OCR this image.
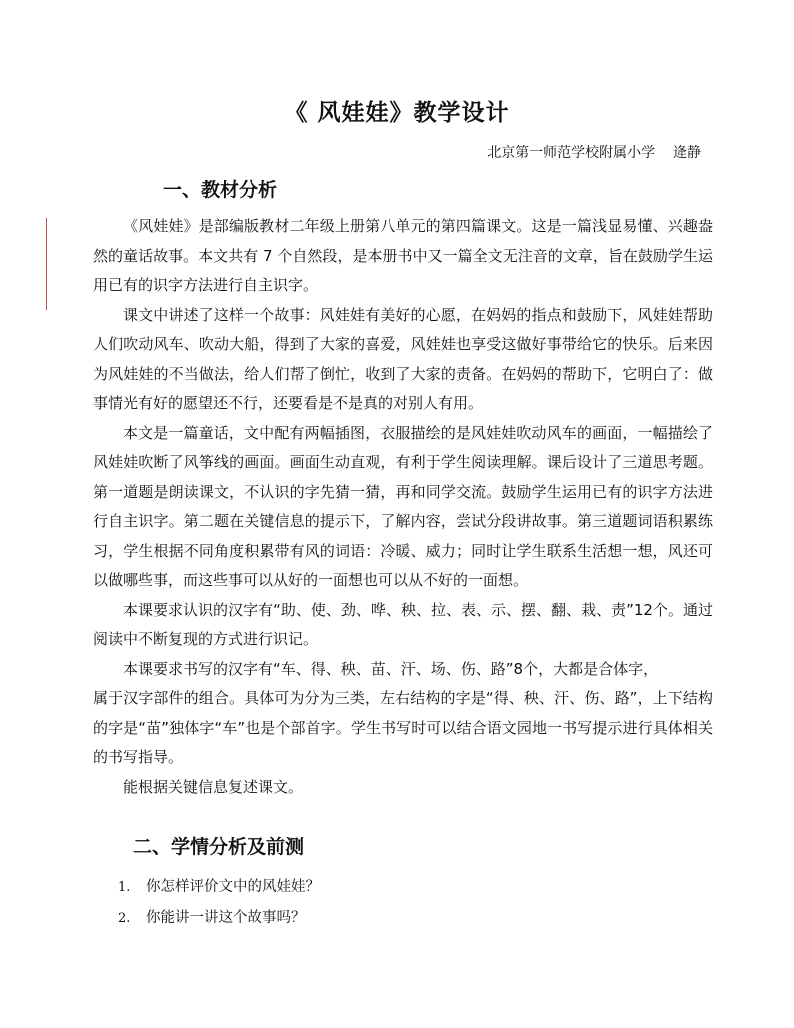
《 风娃娃》教学设计
北京第一师范学校附属小学    逄静
一、教材分析

《风娃娃》是部编版教材二年级上册第八单元的第四篇课文。这是一篇浅显易懂、兴趣盎然的童话故事。本文共有 7 个自然段，是本册书中又一篇全文无注音的文章，旨在鼓励学生运用已有的识字方法进行自主识字。

课文中讲述了这样一个故事：风娃娃有美好的心愿，在妈妈的指点和鼓励下，风娃娃帮助人们吹动风车、吹动大船，得到了大家的喜爱，风娃娃也享受这做好事带给它的快乐。后来因为风娃娃的不当做法，给人们帮了倒忙，收到了大家的责备。在妈妈的帮助下，它明白了：做事情光有好的愿望还不行，还要看是不是真的对别人有用。

本文是一篇童话，文中配有两幅插图，衣服描绘的是风娃娃吹动风车的画面，一幅描绘了风娃娃吹断了风筝线的画面。画面生动直观，有利于学生阅读理解。课后设计了三道思考题。第一道题是朗读课文，不认识的字先猜一猜，再和同学交流。鼓励学生运用已有的识字方法进行自主识字。第二题在关键信息的提示下，了解内容，尝试分段讲故事。第三道题词语积累练习，学生根据不同角度积累带有风的词语：冷暖、威力；同时让学生联系生活想一想，风还可以做哪些事，而这些事可以从好的一面想也可以从不好的一面想。

本课要求认识的汉字有“助、使、劲、哗、秧、拉、表、示、摆、翻、栽、责”12个。通过阅读中不断复现的方式进行识记。

本课要求书写的汉字有“车、得、秧、苗、汗、场、伤、路”8个，大都是合体字，

属于汉字部件的组合。具体可为分为三类，左右结构的字是“得、秧、汗、伤、路”，上下结构的字是“苗”独体字“车”也是个部首字。学生书写时可以结合语文园地一书写提示进行具体相关的书写指导。

能根据关键信息复述课文。

二、学情分析及前测
1. 你怎样评价文中的风娃娃？
2. 你能讲一讲这个故事吗？
